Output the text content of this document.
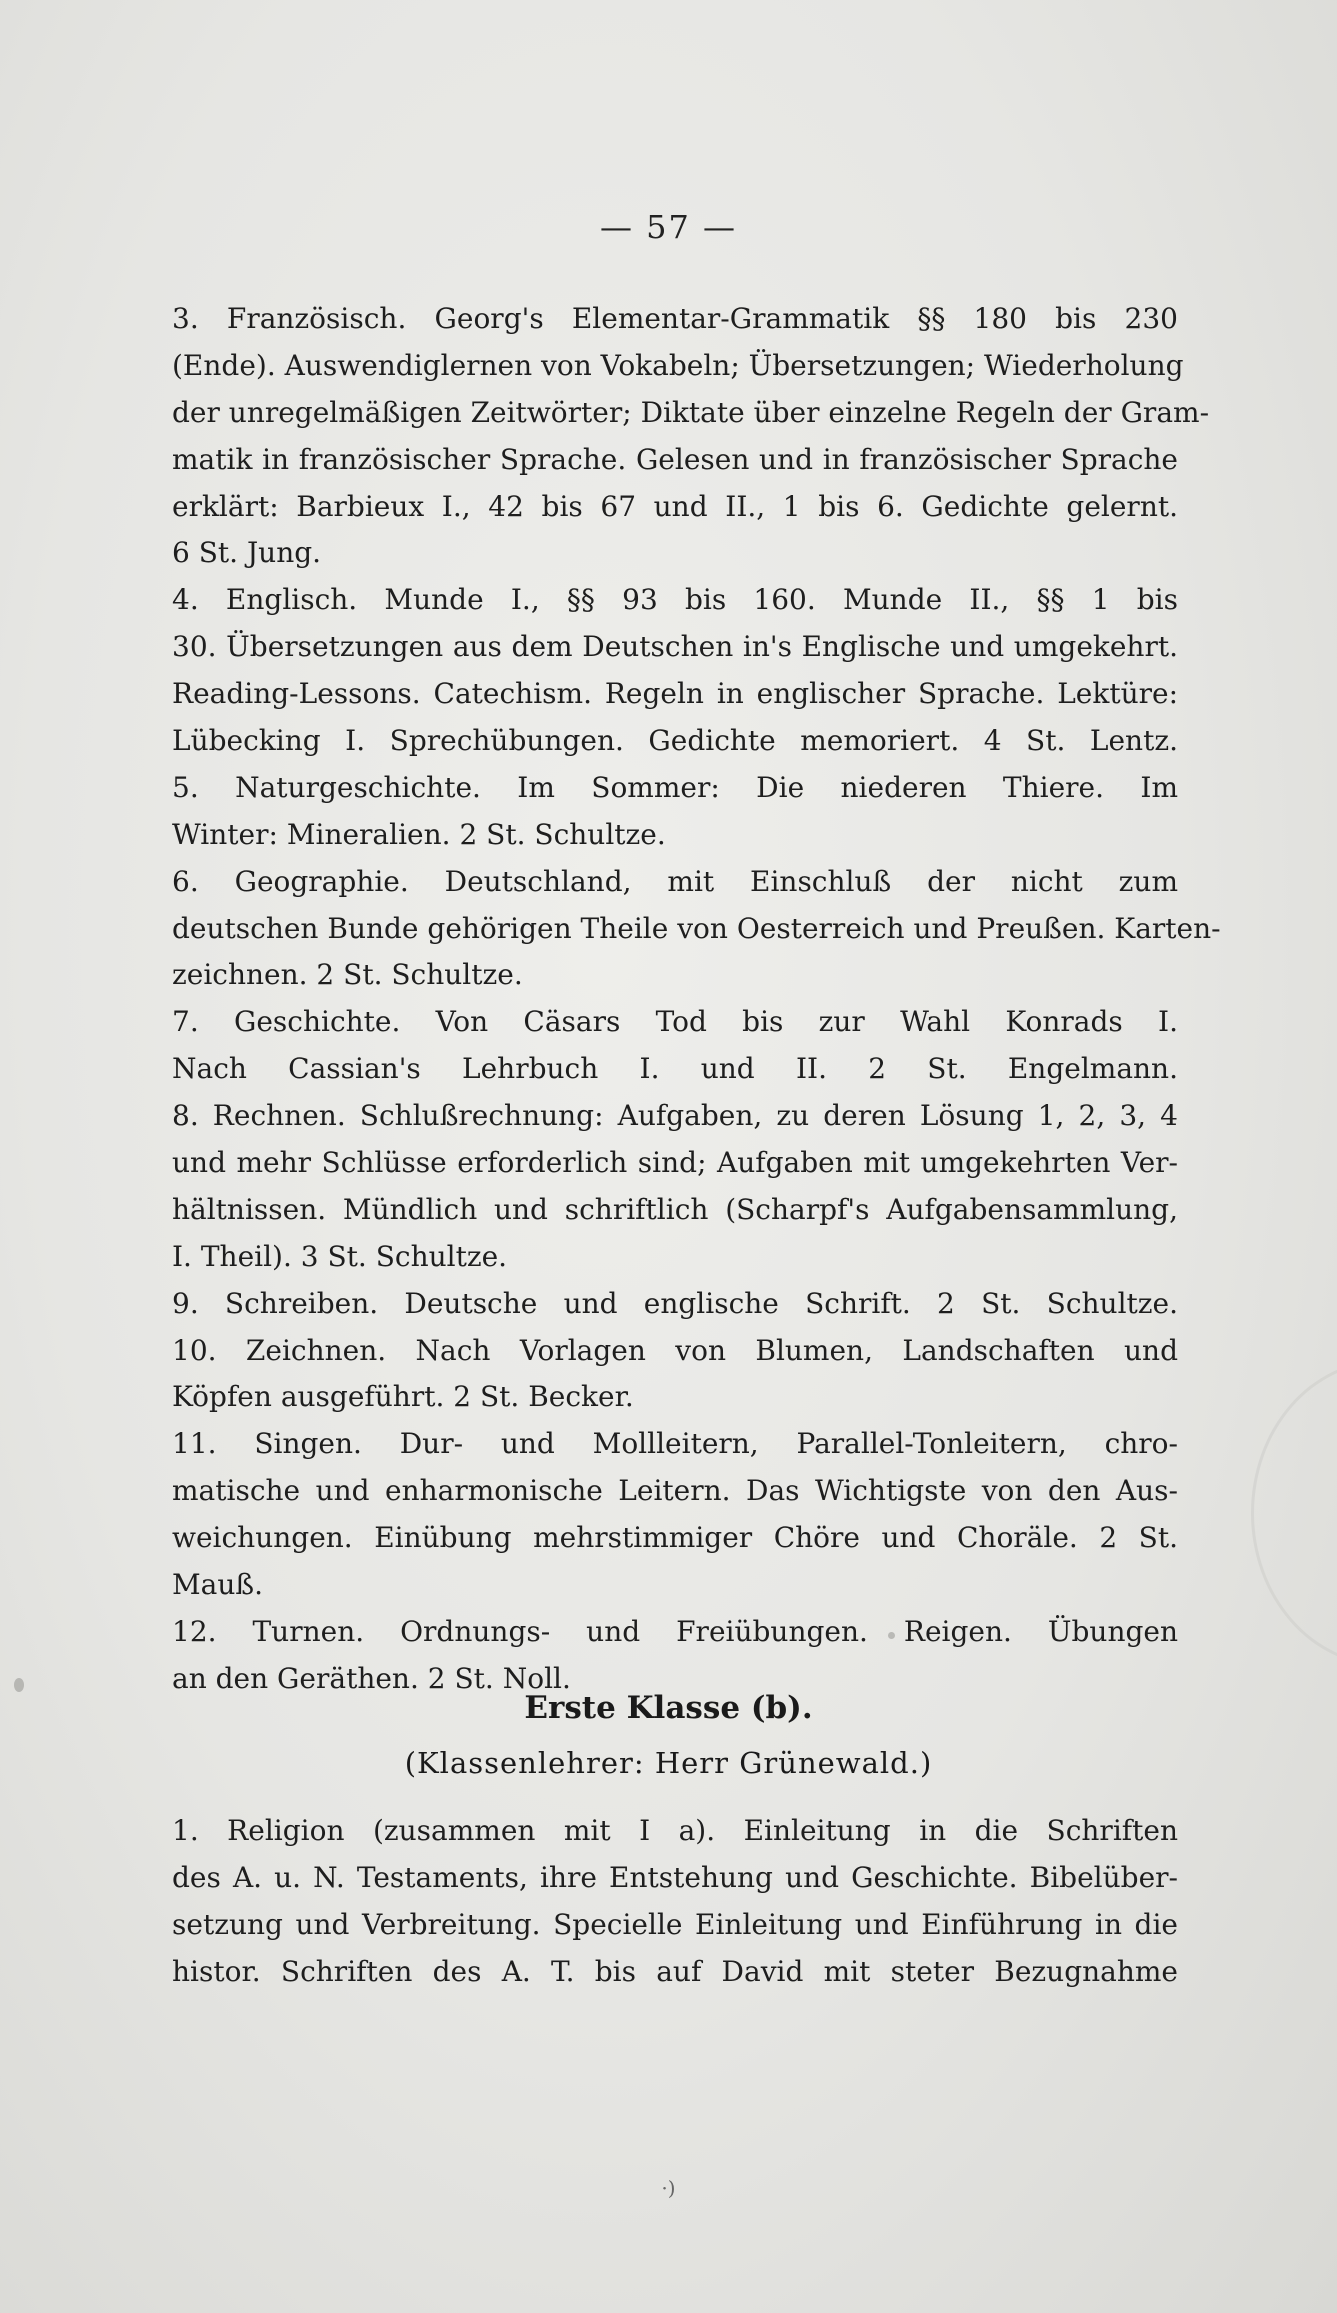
— 57 —
3. Französisch. Georg's Elementar-Grammatik §§ 180 bis 230
(Ende). Auswendiglernen von Vokabeln; Übersetzungen; Wiederholung
der unregelmäßigen Zeitwörter; Diktate über einzelne Regeln der Gram-
matik in französischer Sprache. Gelesen und in französischer Sprache
erklärt: Barbieux I., 42 bis 67 und II., 1 bis 6. Gedichte gelernt.
6 St. Jung.
4. Englisch. Munde I., §§ 93 bis 160. Munde II., §§ 1 bis
30. Übersetzungen aus dem Deutschen in's Englische und umgekehrt.
Reading-Lessons. Catechism. Regeln in englischer Sprache. Lektüre:
Lübecking I. Sprechübungen. Gedichte memoriert. 4 St. Lentz.
5. Naturgeschichte. Im Sommer: Die niederen Thiere. Im
Winter: Mineralien. 2 St. Schultze.
6. Geographie. Deutschland, mit Einschluß der nicht zum
deutschen Bunde gehörigen Theile von Oesterreich und Preußen. Karten-
zeichnen. 2 St. Schultze.
7. Geschichte. Von Cäsars Tod bis zur Wahl Konrads I.
Nach Cassian's Lehrbuch I. und II. 2 St. Engelmann.
8. Rechnen. Schlußrechnung: Aufgaben, zu deren Lösung 1, 2, 3, 4
und mehr Schlüsse erforderlich sind; Aufgaben mit umgekehrten Ver-
hältnissen. Mündlich und schriftlich (Scharpf's Aufgabensammlung,
I. Theil). 3 St. Schultze.
9. Schreiben. Deutsche und englische Schrift. 2 St. Schultze.
10. Zeichnen. Nach Vorlagen von Blumen, Landschaften und
Köpfen ausgeführt. 2 St. Becker.
11. Singen. Dur- und Mollleitern, Parallel-Tonleitern, chro-
matische und enharmonische Leitern. Das Wichtigste von den Aus-
weichungen. Einübung mehrstimmiger Chöre und Choräle. 2 St.
Mauß.
12. Turnen. Ordnungs- und Freiübungen. Reigen. Übungen
an den Geräthen. 2 St. Noll.
Erste Klasse (b).
(Klassenlehrer: Herr Grünewald.)
1. Religion (zusammen mit I a). Einleitung in die Schriften
des A. u. N. Testaments, ihre Entstehung und Geschichte. Bibelüber-
setzung und Verbreitung. Specielle Einleitung und Einführung in die
histor. Schriften des A. T. bis auf David mit steter Bezugnahme
·)
